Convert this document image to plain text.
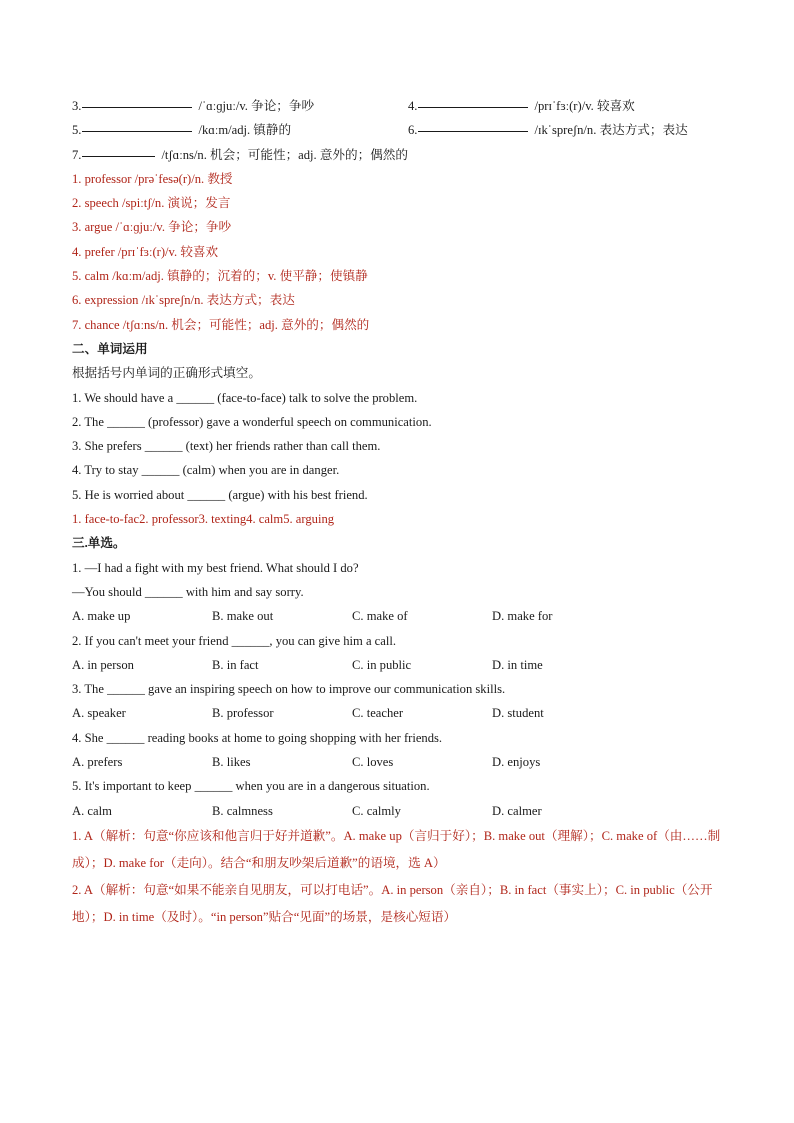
3.	/ˈɑːɡjuː/v. 争论；争吵	4.	/prɪˈfɜː(r)/v. 较喜欢
5.	/kɑːm/adj. 镇静的	6.	/ɪkˈspreʃn/n. 表达方式；表达
7.	/tʃɑːns/n. 机会；可能性；adj. 意外的；偶然的
1. professor /prəˈfesə(r)/n. 教授
2. speech /spiːtʃ/n. 演说；发言
3. argue /ˈɑːɡjuː/v. 争论；争吵
4. prefer /prɪˈfɜː(r)/v. 较喜欢
5. calm /kɑːm/adj. 镇静的；沉着的；v. 使平静；使镇静
6. expression /ɪkˈspreʃn/n. 表达方式；表达
7. chance /tʃɑːns/n. 机会；可能性；adj. 意外的；偶然的
二、单词运用
根据括号内单词的正确形式填空。
1. We should have a ______ (face-to-face) talk to solve the problem.
2. The ______ (professor) gave a wonderful speech on communication.
3. She prefers ______ (text) her friends rather than call them.
4. Try to stay ______ (calm) when you are in danger.
5. He is worried about ______ (argue) with his best friend.
1. face-to-fac2. professor3. texting4. calm5. arguing
三.单选。
1. —I had a fight with my best friend. What should I do?
—You should ______ with him and say sorry.
A. make up	B. make out	C. make of	D. make for
2. If you can't meet your friend ______, you can give him a call.
A. in person	B. in fact	C. in public	D. in time
3. The ______ gave an inspiring speech on how to improve our communication skills.
A. speaker	B. professor	C. teacher	D. student
4. She ______ reading books at home to going shopping with her friends.
A. prefers	B. likes	C. loves	D. enjoys
5. It's important to keep ______ when you are in a dangerous situation.
A. calm	B. calmness	C. calmly	D. calmer
1. A（解析：句意“你应该和他言归于好并道歉”。A. make up（言归于好）；B. make out（理解）；C. make of（由……制成）；D. make for（走向）。结合“和朋友吵架后道歉”的语境，选 A）
2. A（解析：句意“如果不能亲自见朋友，可以打电话”。A. in person（亲自）；B. in fact（事实上）；C. in public（公开地）；D. in time（及时）。“in person”贴合“见面”的场景，是核心短语）
